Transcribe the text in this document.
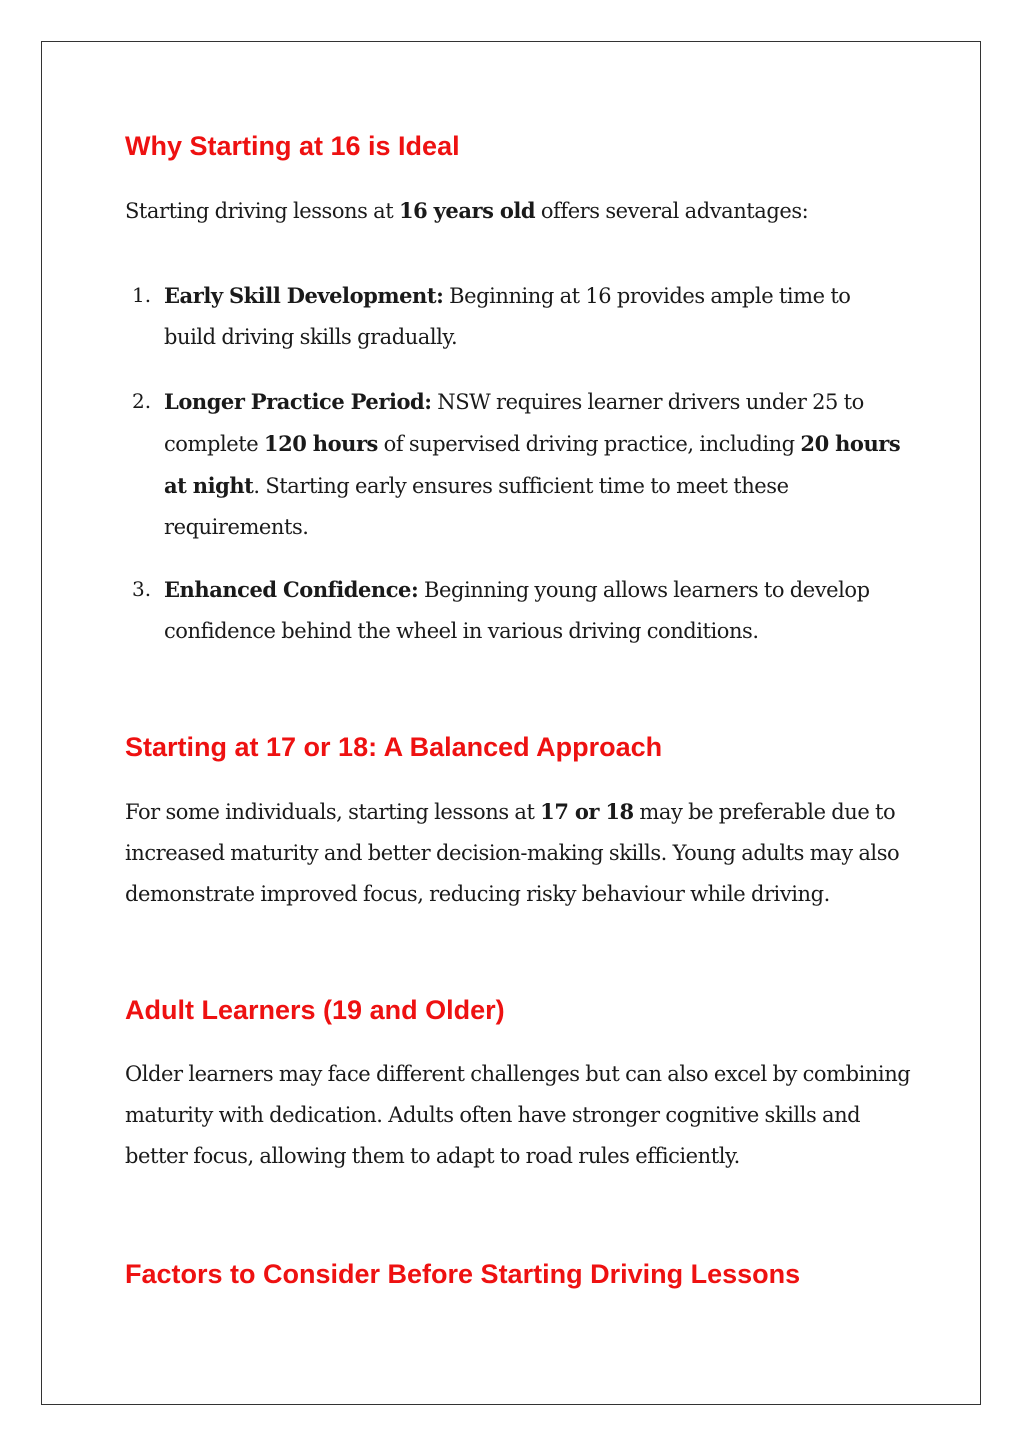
Why Starting at 16 is Ideal

Starting driving lessons at 16 years old offers several advantages:

1. Early Skill Development: Beginning at 16 provides ample time to build driving skills gradually.
2. Longer Practice Period: NSW requires learner drivers under 25 to complete 120 hours of supervised driving practice, including 20 hours at night. Starting early ensures sufficient time to meet these requirements.
3. Enhanced Confidence: Beginning young allows learners to develop confidence behind the wheel in various driving conditions.
Starting at 17 or 18: A Balanced Approach

For some individuals, starting lessons at 17 or 18 may be preferable due to increased maturity and better decision-making skills. Young adults may also demonstrate improved focus, reducing risky behaviour while driving.

Adult Learners (19 and Older)

Older learners may face different challenges but can also excel by combining maturity with dedication. Adults often have stronger cognitive skills and better focus, allowing them to adapt to road rules efficiently.

Factors to Consider Before Starting Driving Lessons
